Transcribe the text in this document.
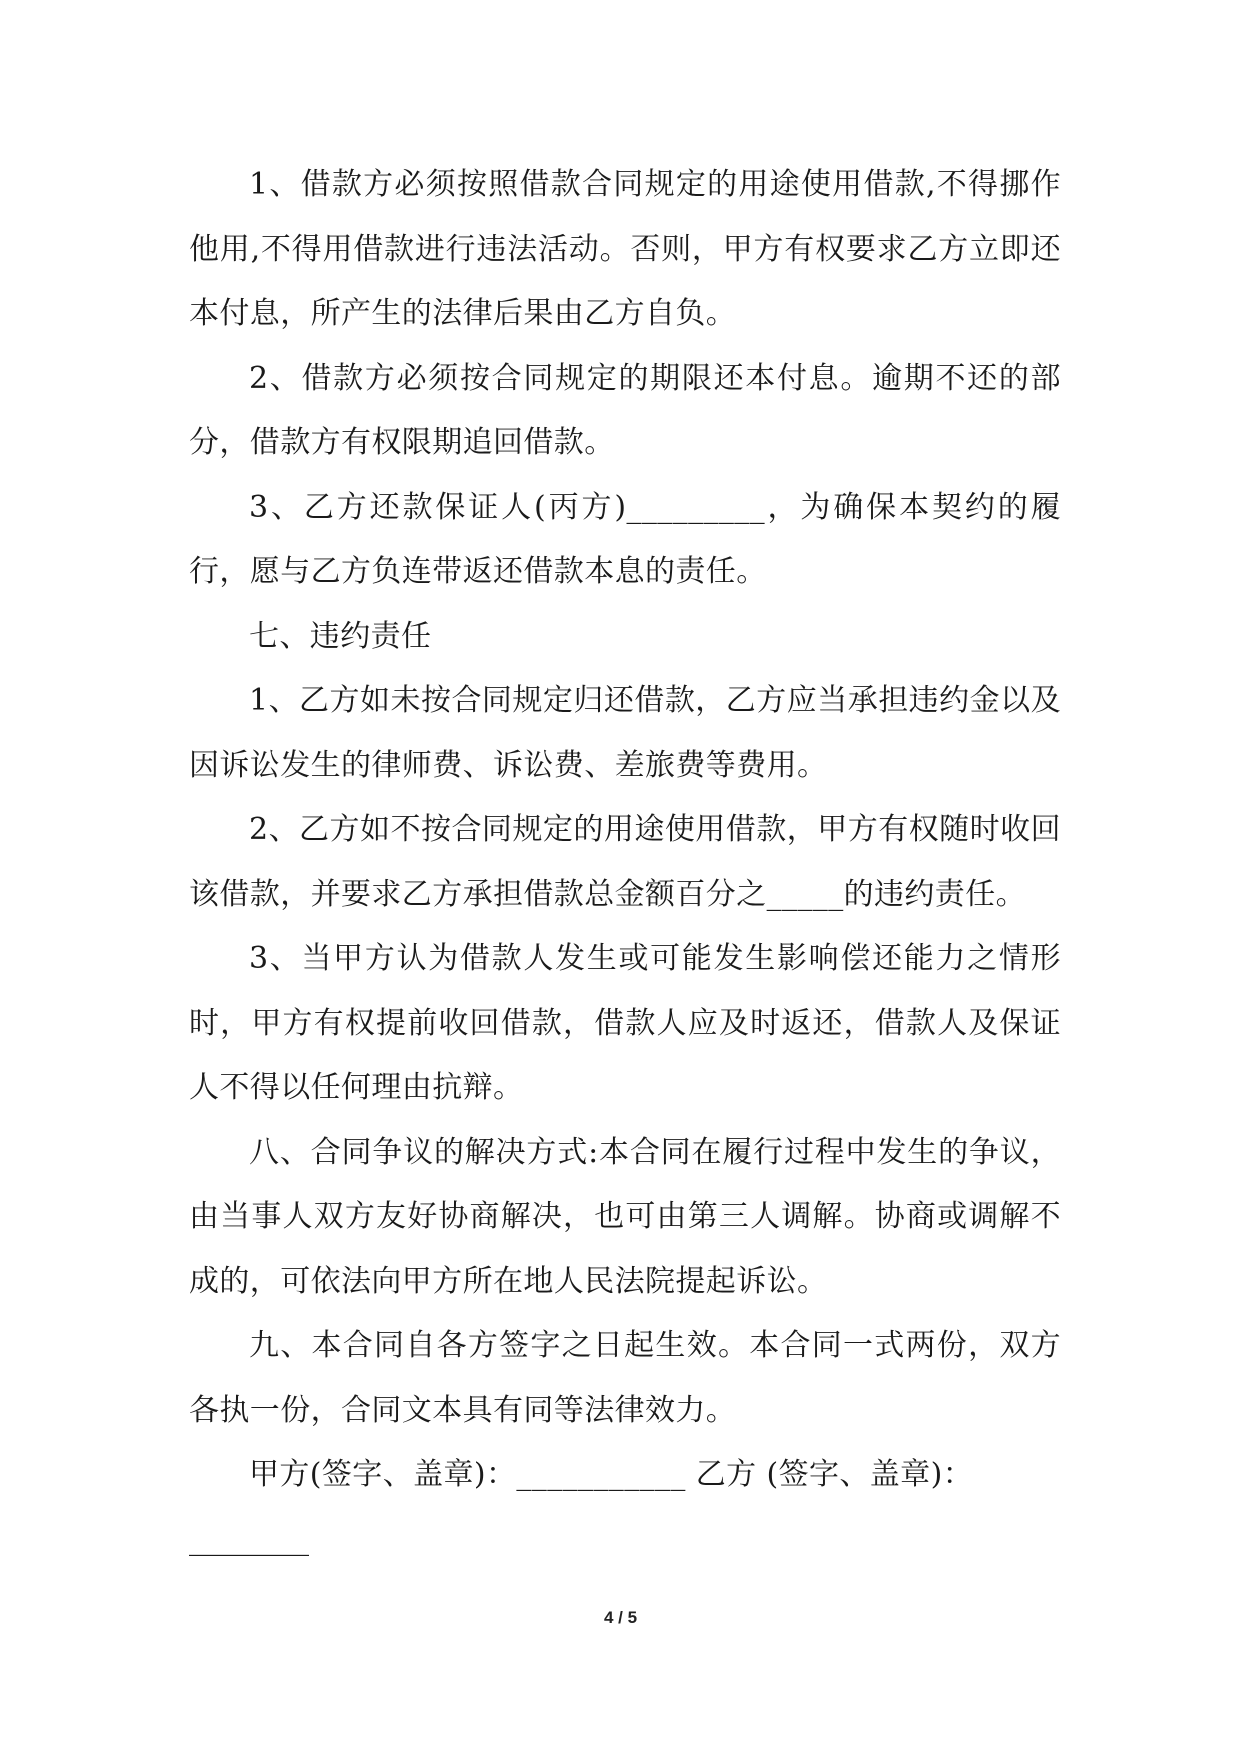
1、借款方必须按照借款合同规定的用途使用借款,不得挪作他用,不得用借款进行违法活动。否则，甲方有权要求乙方立即还本付息，所产生的法律后果由乙方自负。

2、借款方必须按合同规定的期限还本付息。逾期不还的部分，借款方有权限期追回借款。

3、乙方还款保证人(丙方)_________，为确保本契约的履行，愿与乙方负连带返还借款本息的责任。

七、违约责任

1、乙方如未按合同规定归还借款，乙方应当承担违约金以及因诉讼发生的律师费、诉讼费、差旅费等费用。

2、乙方如不按合同规定的用途使用借款，甲方有权随时收回该借款，并要求乙方承担借款总金额百分之_____的违约责任。

3、当甲方认为借款人发生或可能发生影响偿还能力之情形时，甲方有权提前收回借款，借款人应及时返还，借款人及保证人不得以任何理由抗辩。

八、合同争议的解决方式:本合同在履行过程中发生的争议，由当事人双方友好协商解决，也可由第三人调解。协商或调解不成的，可依法向甲方所在地人民法院提起诉讼。

九、本合同自各方签字之日起生效。本合同一式两份，双方各执一份，合同文本具有同等法律效力。

甲方(签字、盖章)：___________ 乙方 (签字、盖章)：

________

4 / 5
